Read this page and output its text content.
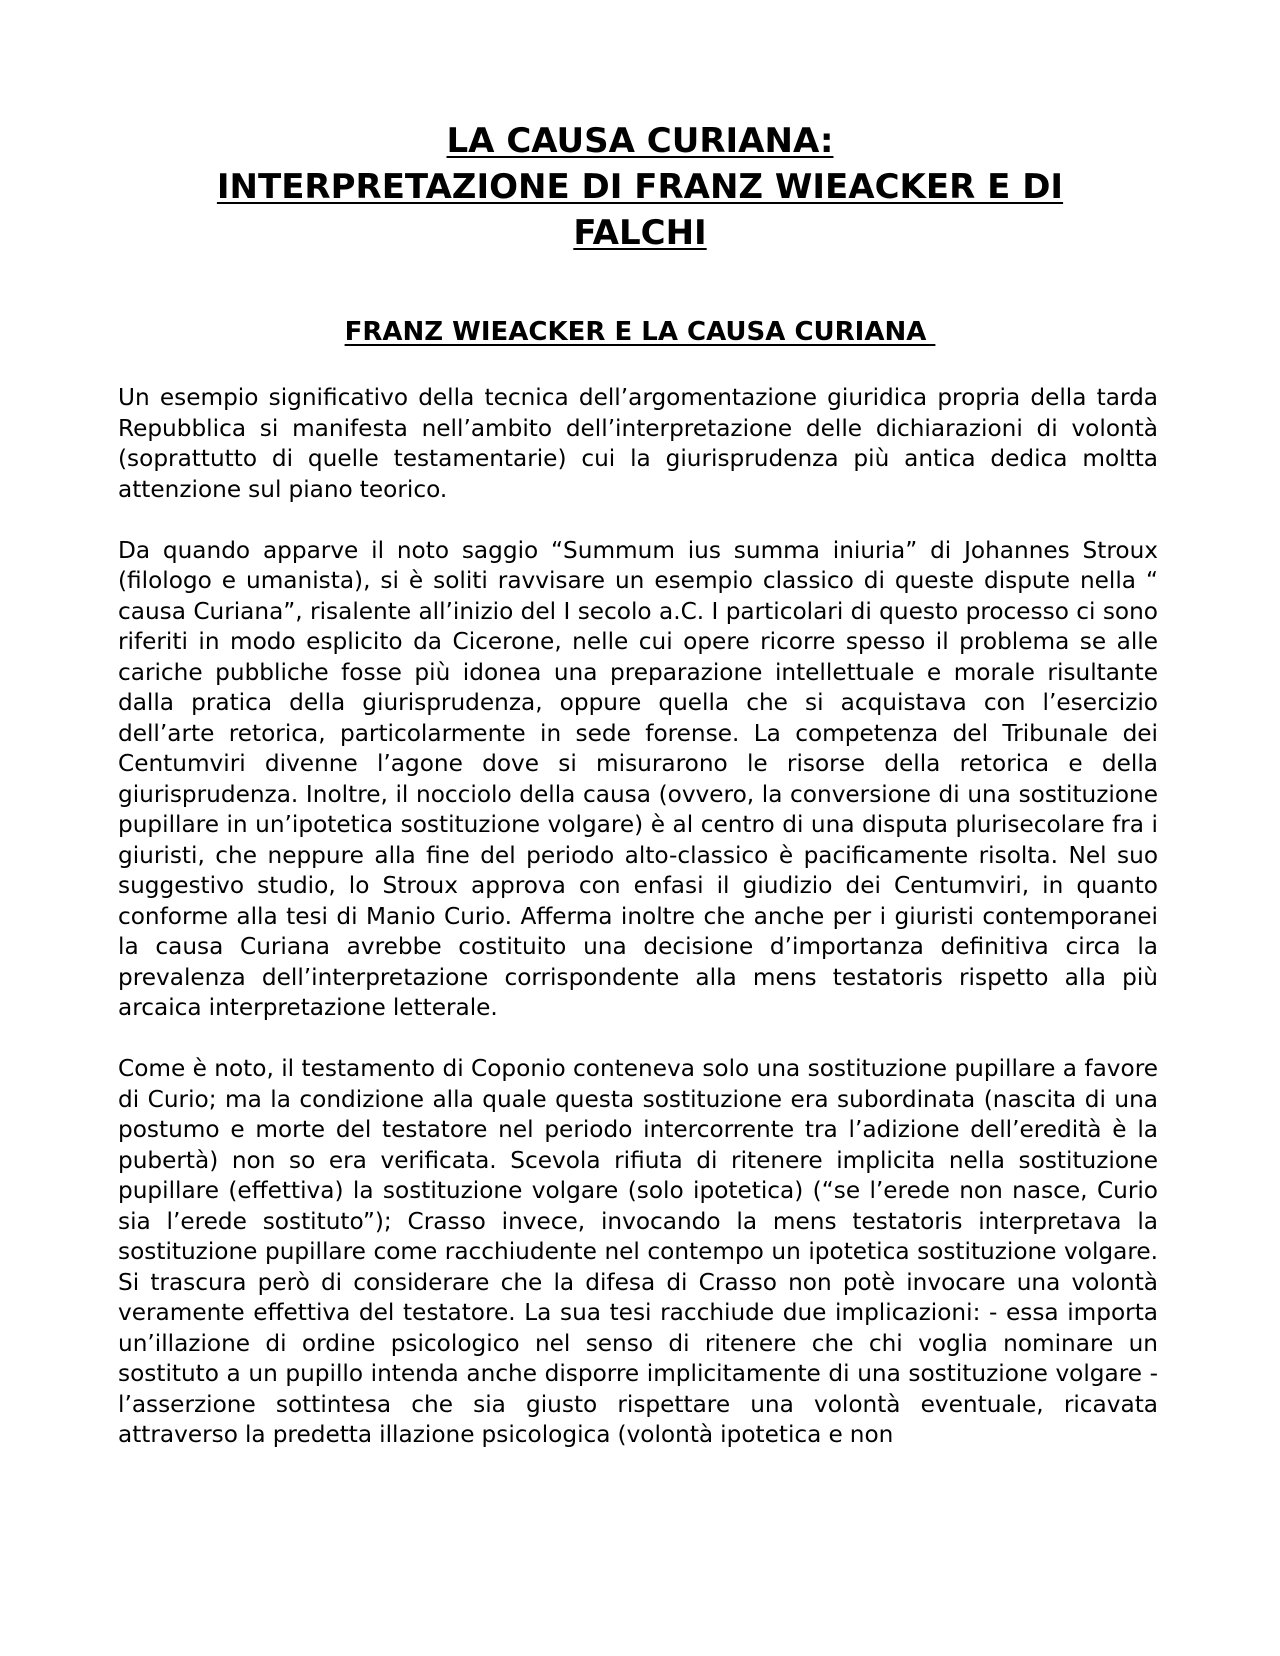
LA CAUSA CURIANA:
INTERPRETAZIONE DI FRANZ WIEACKER E DI
FALCHI
FRANZ WIEACKER E LA CAUSA CURIANA

Un esempio significativo della tecnica dell’argomentazione giuridica propria della tarda Repubblica si manifesta nell’ambito dell’interpretazione delle dichiarazioni di volontà (soprattutto di quelle testamentarie) cui la giurisprudenza più antica dedica moltta attenzione sul piano teorico.

Da quando apparve il noto saggio “Summum ius summa iniuria” di Johannes Stroux (filologo e umanista), si è soliti ravvisare un esempio classico di queste dispute nella “ causa Curiana”, risalente all’inizio del I secolo a.C. I particolari di questo processo ci sono riferiti in modo esplicito da Cicerone, nelle cui opere ricorre spesso il problema se alle cariche pubbliche fosse più idonea una preparazione intellettuale e morale risultante dalla pratica della giurisprudenza, oppure quella che si acquistava con l’esercizio dell’arte retorica, particolarmente in sede forense. La competenza del Tribunale dei Centumviri divenne l’agone dove si misurarono le risorse della retorica e della giurisprudenza. Inoltre, il nocciolo della causa (ovvero, la conversione di una sostituzione pupillare in un’ipotetica sostituzione volgare) è al centro di una disputa plurisecolare fra i giuristi, che neppure alla fine del periodo alto-classico è pacificamente risolta. Nel suo suggestivo studio, lo Stroux approva con enfasi il giudizio dei Centumviri, in quanto conforme alla tesi di Manio Curio. Afferma inoltre che anche per i giuristi contemporanei la causa Curiana avrebbe costituito una decisione d’importanza definitiva circa la prevalenza dell’interpretazione corrispondente alla mens testatoris rispetto alla più arcaica interpretazione letterale.

Come è noto, il testamento di Coponio conteneva solo una sostituzione pupillare a favore di Curio; ma la condizione alla quale questa sostituzione era subordinata (nascita di una postumo e morte del testatore nel periodo intercorrente tra l’adizione dell’eredità è la pubertà) non so era verificata. Scevola rifiuta di ritenere implicita nella sostituzione pupillare (effettiva) la sostituzione volgare (solo ipotetica) (“se l’erede non nasce, Curio sia l’erede sostituto”); Crasso invece, invocando la mens testatoris interpretava la sostituzione pupillare come racchiudente nel contempo un ipotetica sostituzione volgare. Si trascura però di considerare che la difesa di Crasso non potè invocare una volontà veramente effettiva del testatore. La sua tesi racchiude due implicazioni: - essa importa un’illazione di ordine psicologico nel senso di ritenere che chi voglia nominare un sostituto a un pupillo intenda anche disporre implicitamente di una sostituzione volgare - l’asserzione sottintesa che sia giusto rispettare una volontà eventuale, ricavata attraverso la predetta illazione psicologica (volontà ipotetica e non
